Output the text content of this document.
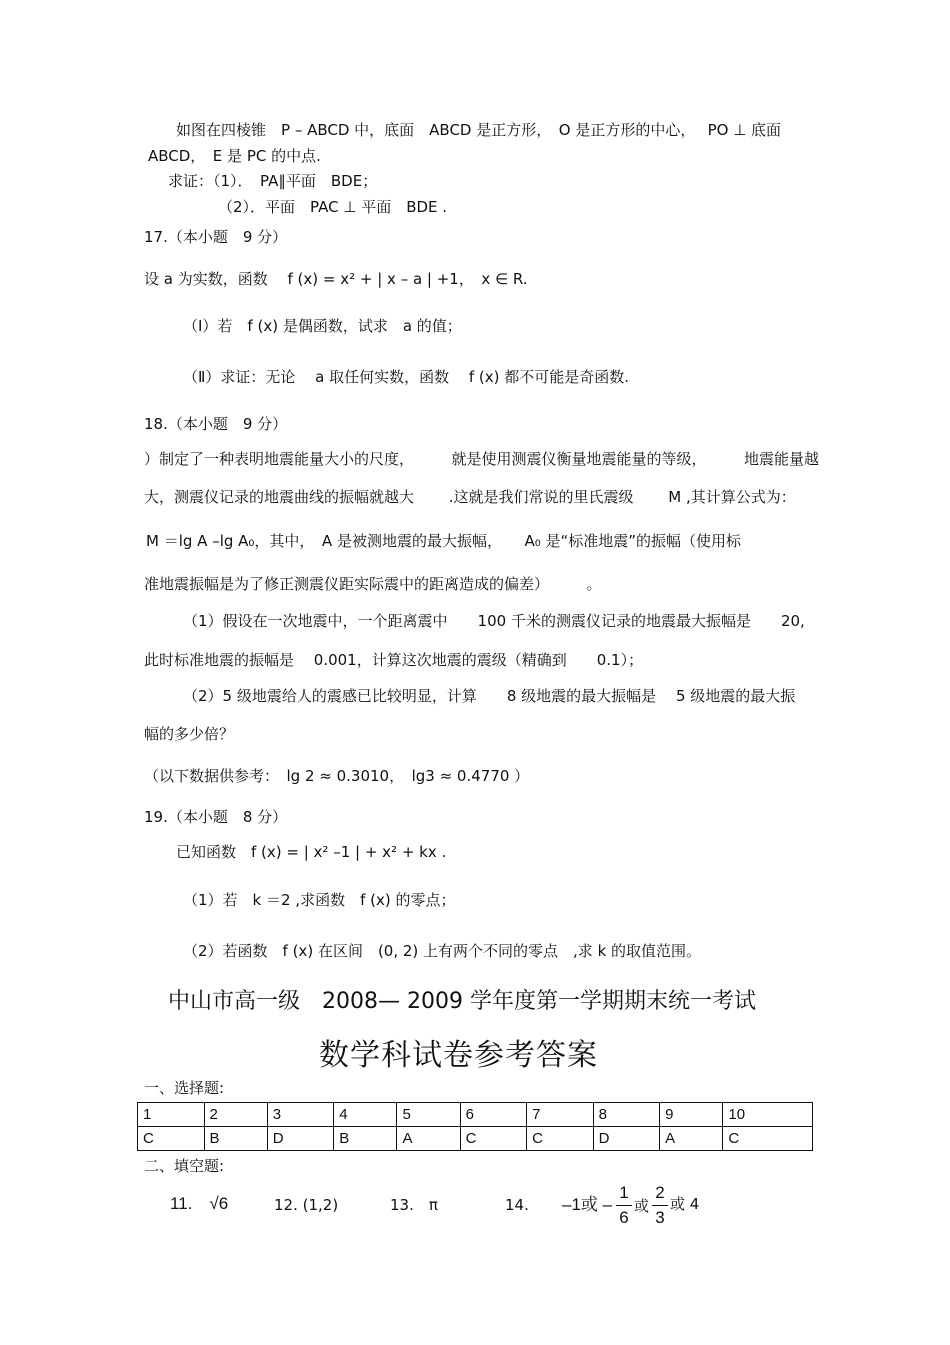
如图在四棱锥　P – ABCD 中，底面　ABCD 是正方形，　O 是正方形的中心，　 PO ⊥ 底面
ABCD，　E 是 PC 的中点.
求证：（1）．　PA∥平面　BDE；
（2）．平面　PAC ⊥ 平面　BDE .
17.（本小题　9 分）
设 a 为实数，函数　 f (x) = x² + | x – a | +1，　x ∈ R.
（Ⅰ）若　f (x) 是偶函数，试求　a 的值；
（Ⅱ）求证：无论　 a 取任何实数，函数　 f (x) 都不可能是奇函数.
18.（本小题　9 分）
）制定了一种表明地震能量大小的尺度，　　　就是使用测震仪衡量地震能量的等级，　　　地震能量越
大，测震仪记录的地震曲线的振幅就越大　　 .这就是我们常说的里氏震级　　 M ,其计算公式为：
M ＝lg A –lg A₀，其中，　A 是被测地震的最大振幅，　　A₀ 是“标准地震”的振幅（使用标
准地震振幅是为了修正测震仪距实际震中的距离造成的偏差）　　　。
（1）假设在一次地震中，一个距离震中　　100 千米的测震仪记录的地震最大振幅是　　20,
此时标准地震的振幅是　 0.001，计算这次地震的震级（精确到　　0.1）；
（2）5 级地震给人的震感已比较明显，计算　　8 级地震的最大振幅是　 5 级地震的最大振
幅的多少倍？
（以下数据供参考：　lg 2 ≈ 0.3010，　lg3 ≈ 0.4770 ）
19.（本小题　8 分）
已知函数　f (x) = | x² –1 | + x² + kx .
（1）若　k ＝2 ,求函数　f (x) 的零点；
（2）若函数　f (x) 在区间　(0, 2) 上有两个不同的零点　,求 k 的取值范围。
中山市高一级　2008— 2009 学年度第一学期期末统一考试
数学科试卷参考答案
一、选择题:
1	2	3	4	5	6	7	8	9	10
C	B	D	B	A	C	C	D	A	C
二、填空题:
11.　√6	12. (1,2)	13.　π	14. –1或 –
1
6
或
2
3
或 4
